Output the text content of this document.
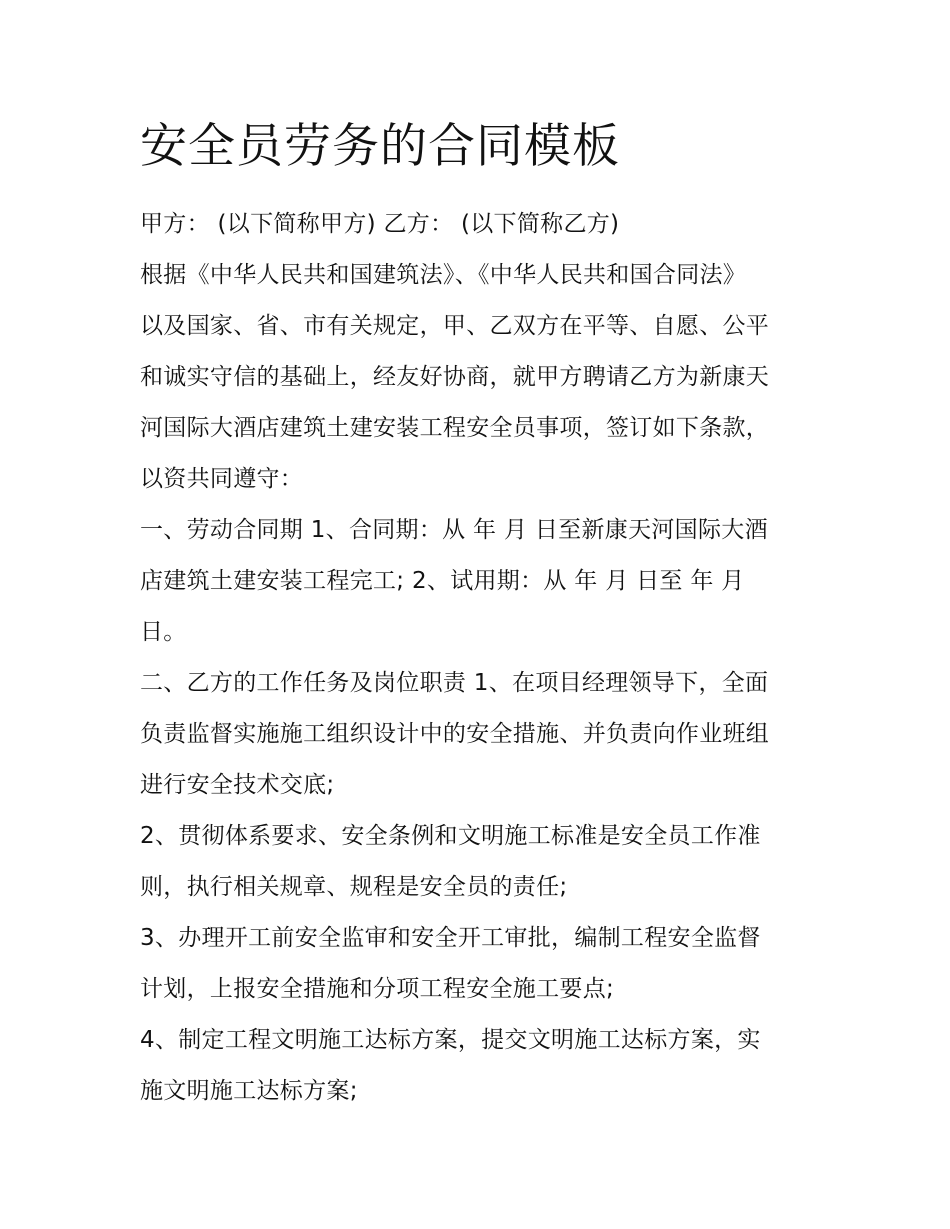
安全员劳务的合同模板
甲方： (以下简称甲方) 乙方： (以下简称乙方)
根据《中华人民共和国建筑法》、《中华人民共和国合同法》
以及国家、省、市有关规定，甲、乙双方在平等、自愿、公平
和诚实守信的基础上，经友好协商，就甲方聘请乙方为新康天
河国际大酒店建筑土建安装工程安全员事项，签订如下条款，
以资共同遵守：
一、劳动合同期 1、合同期：从 年 月 日至新康天河国际大酒
店建筑土建安装工程完工; 2、试用期：从 年 月 日至 年 月
日。
二、乙方的工作任务及岗位职责 1、在项目经理领导下，全面
负责监督实施施工组织设计中的安全措施、并负责向作业班组
进行安全技术交底;
2、贯彻体系要求、安全条例和文明施工标准是安全员工作准
则，执行相关规章、规程是安全员的责任;
3、办理开工前安全监审和安全开工审批，编制工程安全监督
计划，上报安全措施和分项工程安全施工要点;
4、制定工程文明施工达标方案，提交文明施工达标方案，实
施文明施工达标方案;
